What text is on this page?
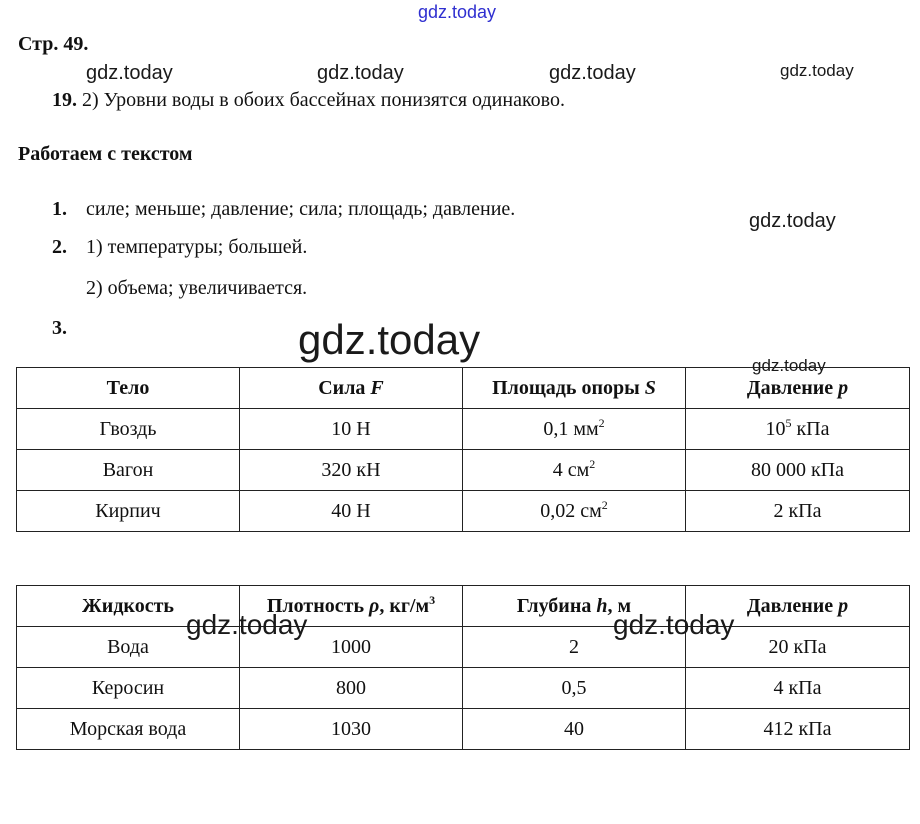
gdz.today
gdz.today	gdz.today	gdz.today	gdz.today
gdz.today
gdz.today
gdz.today
Стр. 49.
19. 2) Уровни воды в обоих бассейнах понизятся одинаково.
Работаем с текстом
1. силе; меньше; давление; сила; площадь; давление.
2. 1) температуры; большей.
2) объема; увеличивается.
3.
Тело	Сила F	Площадь опоры S	Давление p
Гвоздь	10 Н	0,1 $мм^2$	$10^5$ кПа
Вагон	320 кН	4 $см^2$	80 000 кПа
Кирпич	40 Н	0,02 $см^2$	2 кПа
Жидкость	Плотность ρ, $кг/м^3$	Глубина h, м	Давление p
Вода	1000	2	20 кПа
Керосин	800	0,5	4 кПа
Морская вода	1030	40	412 кПа
gdz.today	gdz.today
